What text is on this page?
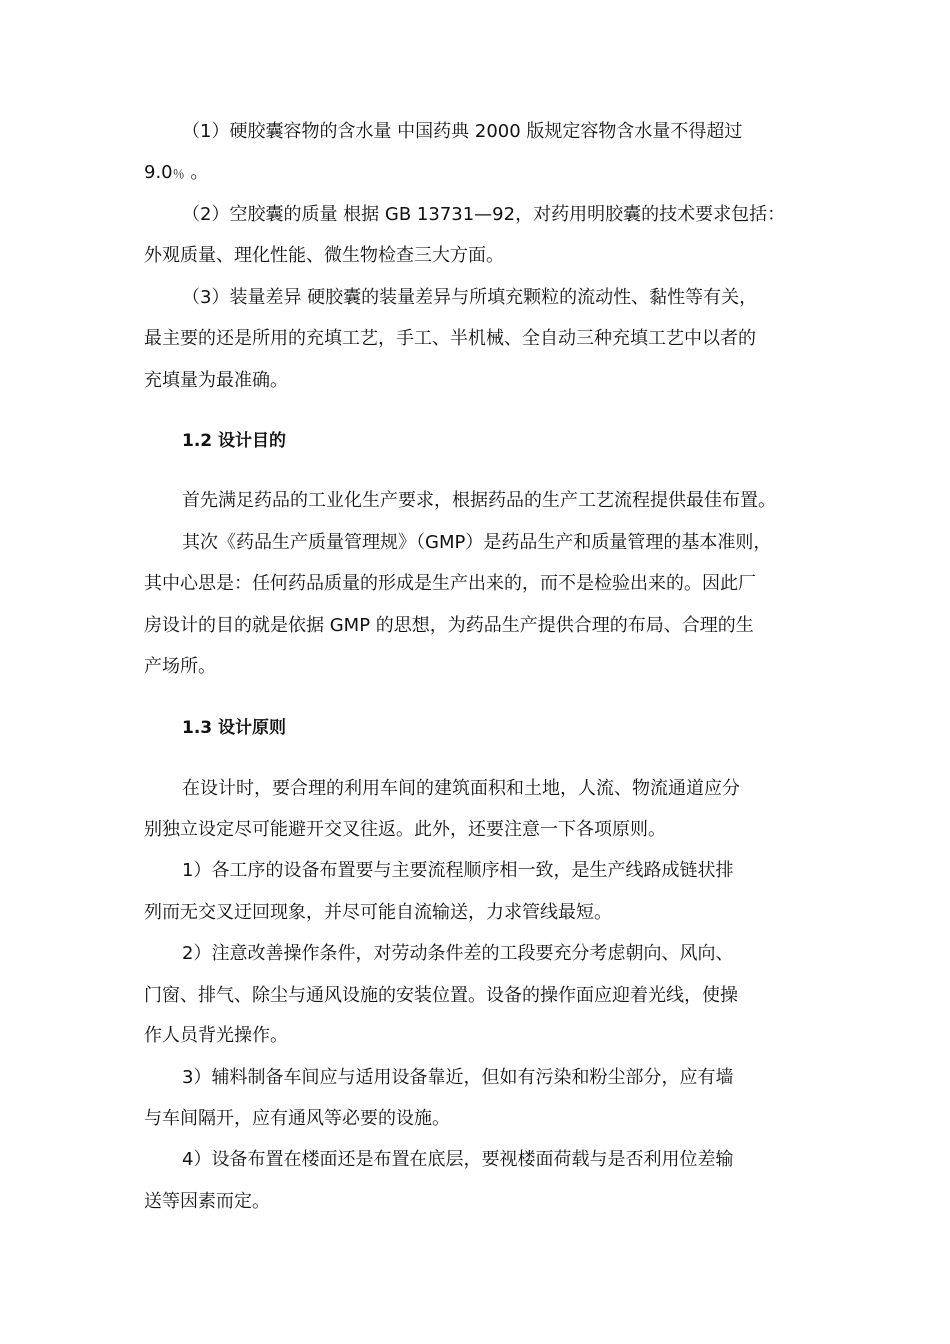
（1）硬胶囊容物的含水量 中国药典 2000 版规定容物含水量不得超过
9.0％ 。
（2）空胶囊的质量 根据 GB 13731—92，对药用明胶囊的技术要求包括：
外观质量、理化性能、微生物检查三大方面。
（3）装量差异 硬胶囊的装量差异与所填充颗粒的流动性、黏性等有关，
最主要的还是所用的充填工艺，手工、半机械、全自动三种充填工艺中以者的
充填量为最准确。
1.2 设计目的
首先满足药品的工业化生产要求，根据药品的生产工艺流程提供最佳布置。
其次《药品生产质量管理规》（GMP）是药品生产和质量管理的基本准则，
其中心思是：任何药品质量的形成是生产出来的，而不是检验出来的。因此厂
房设计的目的就是依据 GMP 的思想，为药品生产提供合理的布局、合理的生
产场所。
1.3 设计原则
在设计时，要合理的利用车间的建筑面积和土地，人流、物流通道应分
别独立设定尽可能避开交叉往返。此外，还要注意一下各项原则。
1）各工序的设备布置要与主要流程顺序相一致，是生产线路成链状排
列而无交叉迂回现象，并尽可能自流输送，力求管线最短。
2）注意改善操作条件，对劳动条件差的工段要充分考虑朝向、风向、
门窗、排气、除尘与通风设施的安装位置。设备的操作面应迎着光线，使操
作人员背光操作。
3）辅料制备车间应与适用设备靠近，但如有污染和粉尘部分，应有墙
与车间隔开，应有通风等必要的设施。
4）设备布置在楼面还是布置在底层，要视楼面荷载与是否利用位差输
送等因素而定。
